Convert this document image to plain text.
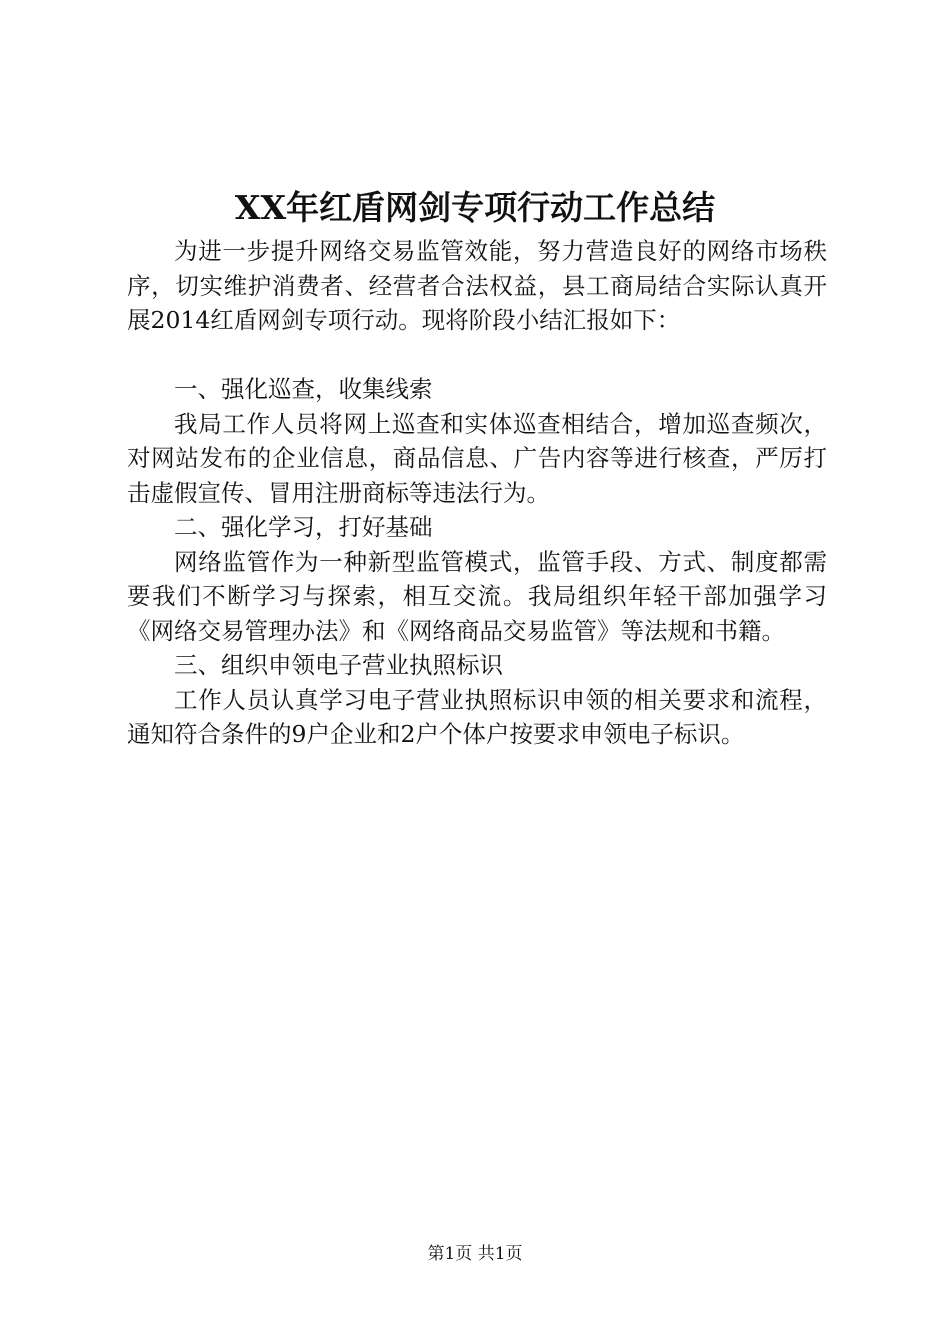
XX年红盾网剑专项行动工作总结

为进一步提升网络交易监管效能，努力营造良好的网络市场秩序，切实维护消费者、经营者合法权益，县工商局结合实际认真开展2014红盾网剑专项行动。现将阶段小结汇报如下：

一、强化巡查，收集线索

我局工作人员将网上巡查和实体巡查相结合，增加巡查频次，对网站发布的企业信息，商品信息、广告内容等进行核查，严厉打击虚假宣传、冒用注册商标等违法行为。

二、强化学习，打好基础

网络监管作为一种新型监管模式，监管手段、方式、制度都需要我们不断学习与探索，相互交流。我局组织年轻干部加强学习《网络交易管理办法》和《网络商品交易监管》等法规和书籍。

三、组织申领电子营业执照标识

工作人员认真学习电子营业执照标识申领的相关要求和流程，通知符合条件的9户企业和2户个体户按要求申领电子标识。

第1页 共1页
